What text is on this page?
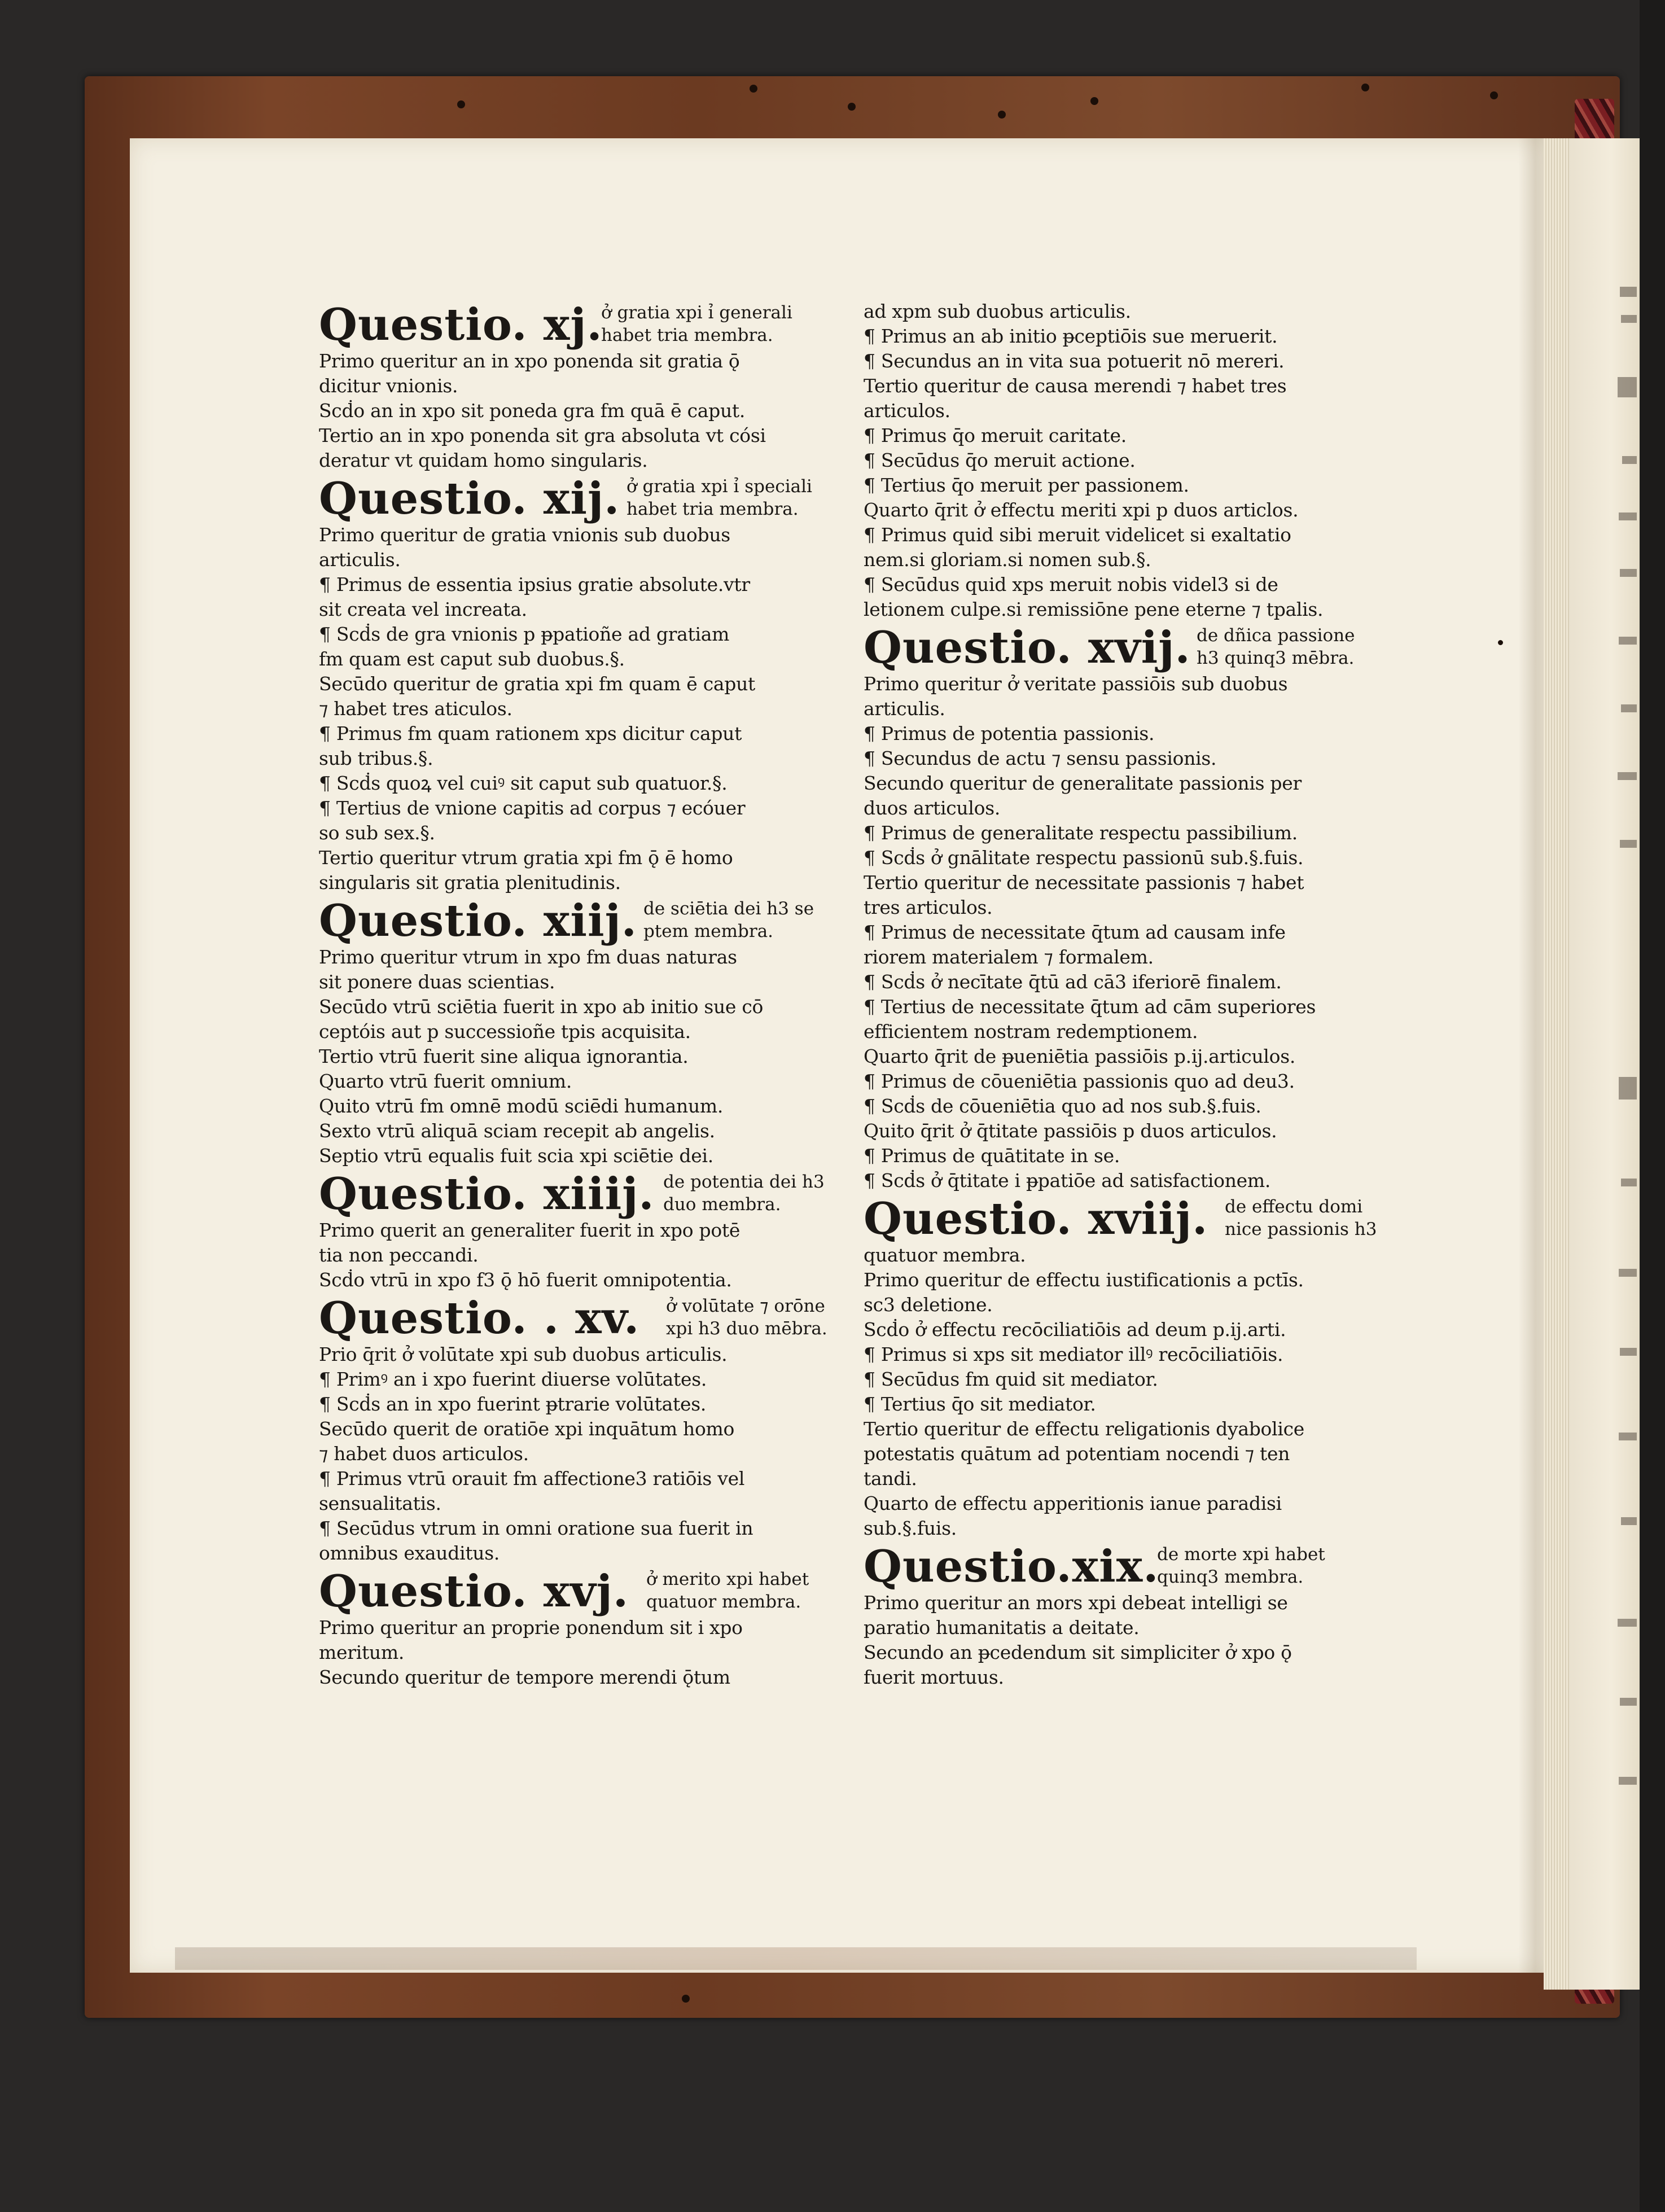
Questio. xj.
ở gratia xpi ỉ generali
habet tria membra.
Primo queritur an in xpo ponenda sit gratia ǭ
dicitur vnionis.
Scḋo an in xpo sit poneda gra fm quā ē caput.
Tertio an in xpo ponenda sit gra absoluta vt cósi
deratur vt quidam homo singularis.
Questio. xij. ở gratia xpi ỉ speciali
habet tria membra.
Primo queritur de gratia vnionis sub duobus
articulis.
¶ Primus de essentia ipsius gratie absolute.vtr
sit creata vel increata.
¶ Scḋs de gra vnionis p ᵽpatioñe ad gratiam
fm quam est caput sub duobus.§.
Secūdo queritur de gratia xpi fm quam ē caput
⁊ habet tres aticulos.
¶ Primus fm quam rationem xps dicitur caput
sub tribus.§.
¶ Scḋs quoꝝ vel cuiꝰ sit caput sub quatuor.§.
¶ Tertius de vnione capitis ad corpus ⁊ ecóuer
so sub sex.§.
Tertio queritur vtrum gratia xpi fm ǭ ē homo
singularis sit gratia plenitudinis.
Questio. xiij. de sciētia dei h3 se
ptem membra.
Primo queritur vtrum in xpo fm duas naturas
sit ponere duas scientias.
Secūdo vtrū sciētia fuerit in xpo ab initio sue cō
ceptóis aut p successioñe tpis acquisita.
Tertio vtrū fuerit sine aliqua ignorantia.
Quarto vtrū fuerit omnium.
Quito vtrū fm omnē modū sciēdi humanum.
Sexto vtrū aliquā sciam recepit ab angelis.
Septio vtrū equalis fuit scia xpi sciētie dei.
Questio. xiiij. de potentia dei h3
duo membra.
Primo querit an generaliter fuerit in xpo potē
tia non peccandi.
Scḋo vtrū in xpo f3 ǭ hō fuerit omnipotentia.
Questio. . xv. ở volūtate ⁊ orōne
xpi h3 duo mēbra.
Prio q̄rit ở volūtate xpi sub duobus articulis.
¶ Primꝰ an i xpo fuerint diuerse volūtates.
¶ Scḋs an in xpo fuerint ᵽtrarie volūtates.
Secūdo querit de oratiōe xpi inquātum homo
⁊ habet duos articulos.
¶ Primus vtrū orauit fm affectione3 ratiōis vel
sensualitatis.
¶ Secūdus vtrum in omni oratione sua fuerit in
omnibus exauditus.
Questio. xvj. ở merito xpi habet
quatuor membra.
Primo queritur an proprie ponendum sit i xpo
meritum.
Secundo queritur de tempore merendi ǭtum
ad xpm sub duobus articulis.
¶ Primus an ab initio ᵽceptiōis sue meruerit.
¶ Secundus an in vita sua potuerit nō mereri.
Tertio queritur de causa merendi ⁊ habet tres
articulos.
¶ Primus q̄o meruit caritate.
¶ Secūdus q̄o meruit actione.
¶ Tertius q̄o meruit per passionem.
Quarto q̄rit ở effectu meriti xpi p duos articlos.
¶ Primus quid sibi meruit videlicet si exaltatio
nem.si gloriam.si nomen sub.§.
¶ Secūdus quid xps meruit nobis videl3 si de
letionem culpe.si remissiōne pene eterne ⁊ tpalis.
Questio. xvij. de dñica passione
h3 quinq3 mēbra.
Primo queritur ở veritate passiōis sub duobus
articulis.
¶ Primus de potentia passionis.
¶ Secundus de actu ⁊ sensu passionis.
Secundo queritur de generalitate passionis per
duos articulos.
¶ Primus de generalitate respectu passibilium.
¶ Scḋs ở gnālitate respectu passionū sub.§.fuis.
Tertio queritur de necessitate passionis ⁊ habet
tres articulos.
¶ Primus de necessitate q̄tum ad causam infe
riorem materialem ⁊ formalem.
¶ Scḋs ở necītate q̄tū ad cā3 iferiorē finalem.
¶ Tertius de necessitate q̄tum ad cām superiores
efficientem nostram redemptionem.
Quarto q̄rit de ᵽueniētia passiōis p.ij.articulos.
¶ Primus de cōueniētia passionis quo ad deu3.
¶ Scḋs de cōueniētia quo ad nos sub.§.fuis.
Quito q̄rit ở q̄titate passiōis p duos articulos.
¶ Primus de quātitate in se.
¶ Scḋs ở q̄titate i ᵽpatiōe ad satisfactionem.
Questio. xviij. de effectu domi
nice passionis h3
quatuor membra.
Primo queritur de effectu iustificationis a pctīs.
sc3 deletione.
Scḋo ở effectu recōciliatiōis ad deum p.ij.arti.
¶ Primus si xps sit mediator illꝰ recōciliatiōis.
¶ Secūdus fm quid sit mediator.
¶ Tertius q̄o sit mediator.
Tertio queritur de effectu religationis dyabolice
potestatis quātum ad potentiam nocendi ⁊ ten
tandi.
Quarto de effectu apperitionis ianue paradisi
sub.§.fuis.
Questio.xix.
de morte xpi habet
quinq3 membra.
Primo queritur an mors xpi debeat intelligi se
paratio humanitatis a deitate.
Secundo an ᵽcedendum sit simpliciter ở xpo ǭ
fuerit mortuus.
